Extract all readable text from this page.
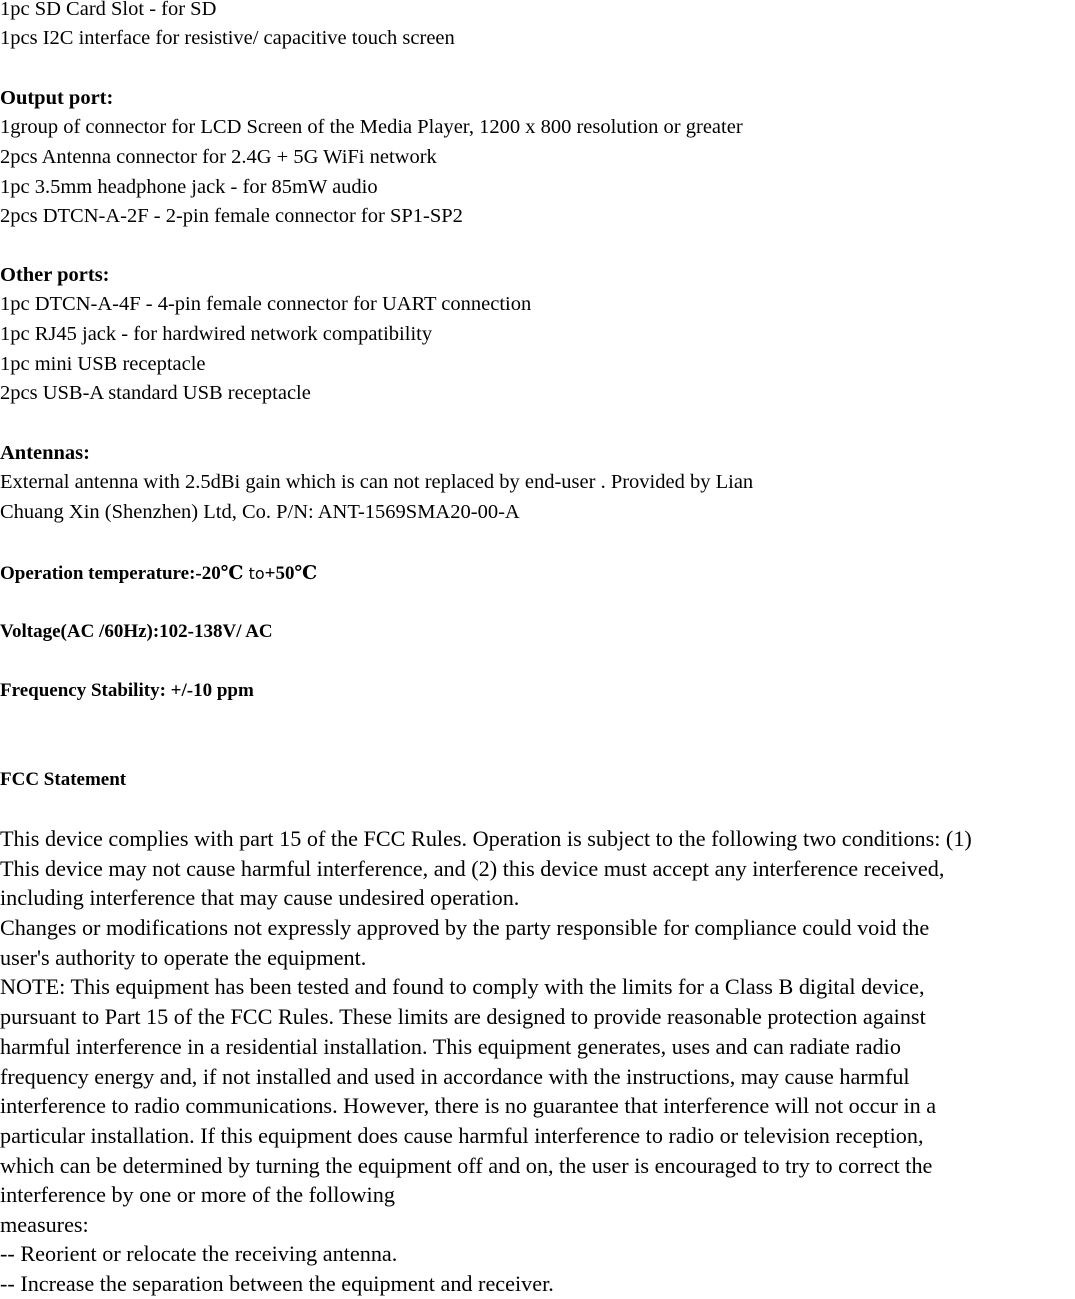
1pc SD Card Slot - for SD
1pcs I2C interface for resistive/ capacitive touch screen
Output port:
1group of connector for LCD Screen of the Media Player, 1200 x 800 resolution or greater
2pcs Antenna connector for 2.4G + 5G WiFi network
1pc 3.5mm headphone jack - for 85mW audio
2pcs DTCN-A-2F - 2-pin female connector for SP1-SP2
Other ports:
1pc DTCN-A-4F - 4-pin female connector for UART connection
1pc RJ45 jack - for hardwired network compatibility
1pc mini USB receptacle
2pcs USB-A standard USB receptacle
Antennas:
External antenna with 2.5dBi gain which is can not replaced by end-user . Provided by Lian
Chuang Xin (Shenzhen) Ltd, Co. P/N: ANT-1569SMA20-00-A
Operation temperature:-20℃ to+50℃
Voltage(AC /60Hz):102-138V/ AC
Frequency Stability: +/-10 ppm
FCC Statement
This device complies with part 15 of the FCC Rules. Operation is subject to the following two conditions: (1)
This device may not cause harmful interference, and (2) this device must accept any interference received,
including interference that may cause undesired operation.
Changes or modifications not expressly approved by the party responsible for compliance could void the
user's authority to operate the equipment.
NOTE: This equipment has been tested and found to comply with the limits for a Class B digital device,
pursuant to Part 15 of the FCC Rules. These limits are designed to provide reasonable protection against
harmful interference in a residential installation. This equipment generates, uses and can radiate radio
frequency energy and, if not installed and used in accordance with the instructions, may cause harmful
interference to radio communications. However, there is no guarantee that interference will not occur in a
particular installation. If this equipment does cause harmful interference to radio or television reception,
which can be determined by turning the equipment off and on, the user is encouraged to try to correct the
interference by one or more of the following
measures:
-- Reorient or relocate the receiving antenna.
-- Increase the separation between the equipment and receiver.
